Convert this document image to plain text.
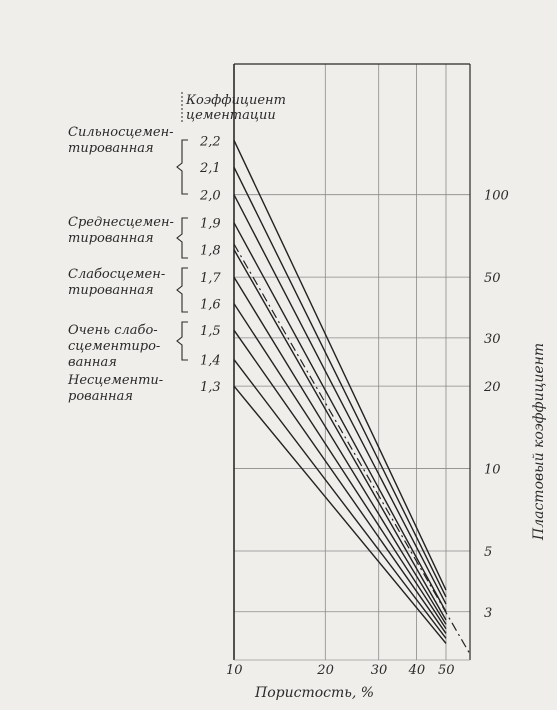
2,2
2,1
2,0
1,9
1,8
1,7
1,6
1,5
1,4
1,3
10	20	30 40 50
3
5
10
20
30
50
100
Сильносцемен-
тированная
Среднесцемен-
тированная
Слабосцемен-
тированная
Очень слабо-
сцементиро-
ванная
Несцементи-
рованная
Коэффициент
цементации
Пористость, %
Пластовый коэффициент
